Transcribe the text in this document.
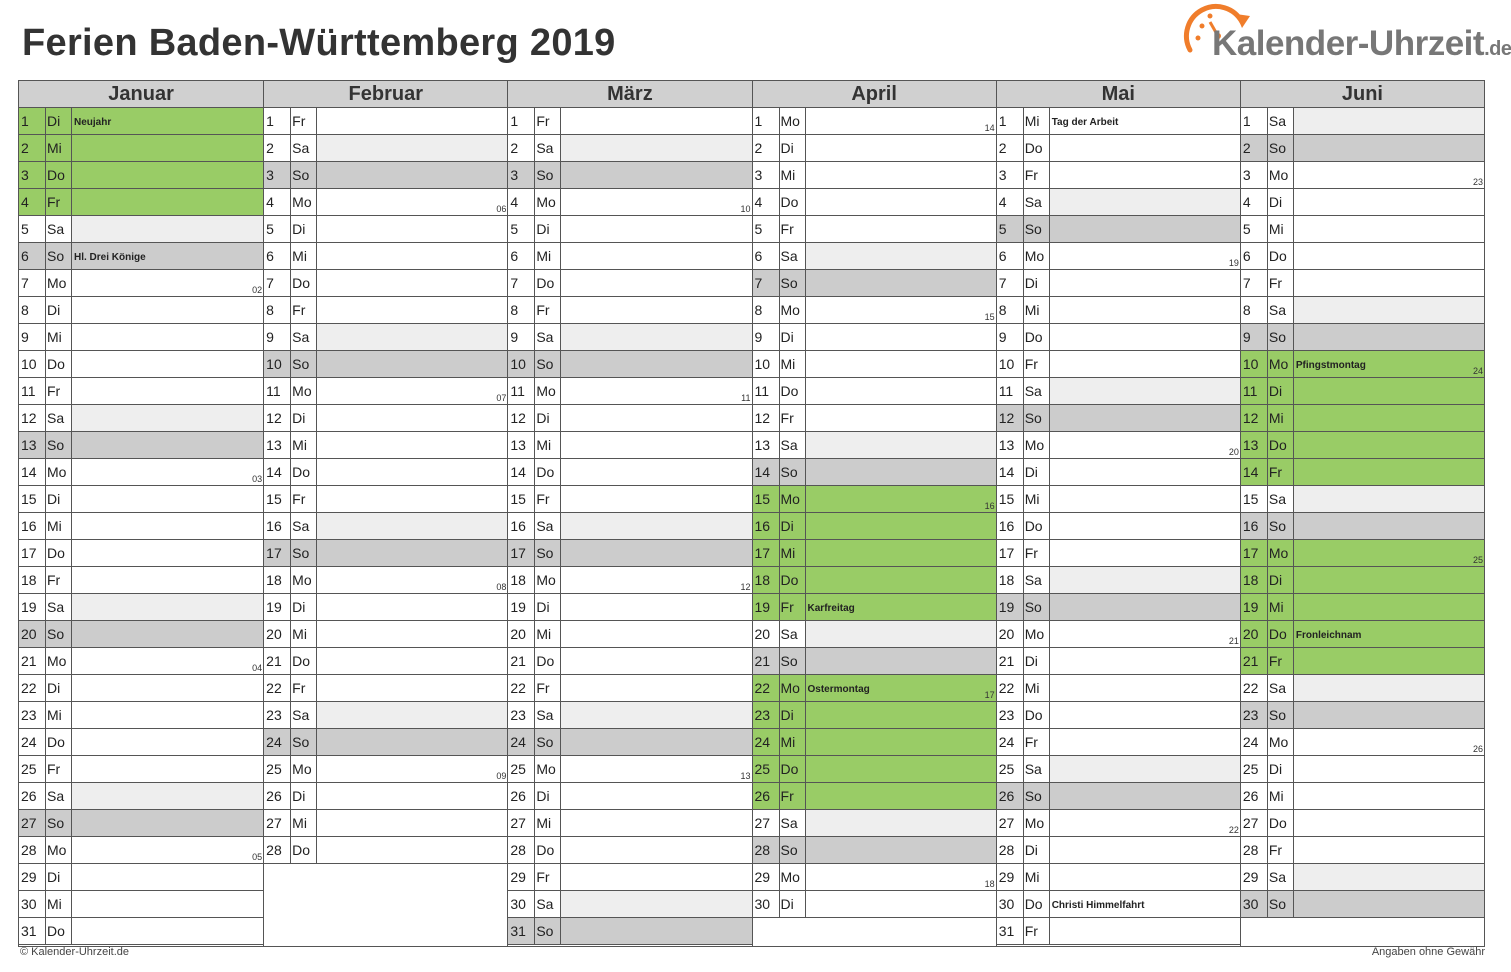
Ferien Baden-Württemberg 2019	Kalender-Uhrzeit.de
Januar
1	Di	Neujahr
2	Mi
3	Do
4	Fr
5	Sa
6	So Hl. Drei Könige
7	Mo	02
8	Di
9	Mi
10 Do
11 Fr
12 Sa
13 So
14 Mo	03
15 Di
16 Mi
17 Do
18 Fr
19 Sa
20 So
21 Mo	04
22 Di
23 Mi
24 Do
25 Fr
26 Sa
27 So
28 Mo	05
29 Di
30 Mi
31 Do
Februar
1	Fr
2	Sa
3	So
4	Mo	06
5	Di
6	Mi
7	Do
8	Fr
9	Sa
10 So
11 Mo	07
12 Di
13 Mi
14 Do
15 Fr
16 Sa
17 So
18 Mo	08
19 Di
20 Mi
21 Do
22 Fr
23 Sa
24 So
25 Mo	09
26 Di
27 Mi
28 Do
März
1	Fr
2	Sa
3	So
4	Mo	10
5	Di
6	Mi
7	Do
8	Fr
9	Sa
10 So
11 Mo	11
12 Di
13 Mi
14 Do
15 Fr
16 Sa
17 So
18 Mo	12
19 Di
20 Mi
21 Do
22 Fr
23 Sa
24 So
25 Mo	13
26 Di
27 Mi
28 Do
29 Fr
30 Sa
31 So
April
1	Mo	14
2	Di
3	Mi
4	Do
5	Fr
6	Sa
7	So
8	Mo	15
9	Di
10 Mi
11 Do
12 Fr
13 Sa
14 So
15 Mo	16
16 Di
17 Mi
18 Do
19 Fr	Karfreitag
20 Sa
21 So
22 Mo Ostermontag	17
23 Di
24 Mi
25 Do
26 Fr
27 Sa
28 So
29 Mo	18
30 Di
Mai
1	Mi	Tag der Arbeit
2	Do
3	Fr
4	Sa
5	So
6	Mo	19
7	Di
8	Mi
9	Do
10 Fr
11 Sa
12 So
13 Mo	20
14 Di
15 Mi
16 Do
17 Fr
18 Sa
19 So
20 Mo	21
21 Di
22 Mi
23 Do
24 Fr
25 Sa
26 So
27 Mo	22
28 Di
29 Mi
30 Do Christi Himmelfahrt
31 Fr
Juni
1	Sa
2	So
3	Mo	23
4	Di
5	Mi
6	Do
7	Fr
8	Sa
9	So
10 Mo Pfingstmontag	24
11 Di
12 Mi
13 Do
14 Fr
15 Sa
16 So
17 Mo	25
18 Di
19 Mi
20 Do Fronleichnam
21 Fr
22 Sa
23 So
24 Mo	26
25 Di
26 Mi
27 Do
28 Fr
29 Sa
30 So
© Kalender-Uhrzeit.de	Angaben ohne Gewähr
